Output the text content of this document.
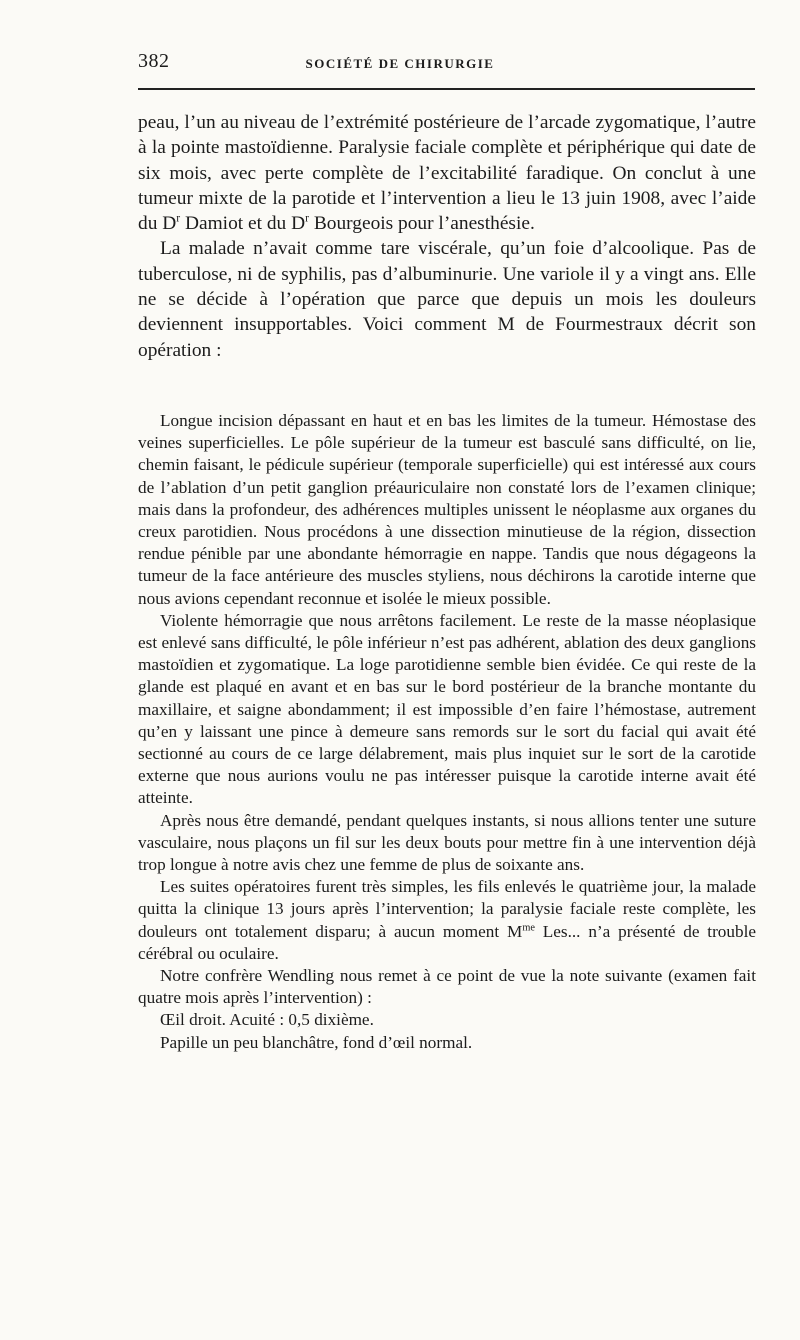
382	SOCIÉTÉ DE CHIRURGIE

peau, l’un au niveau de l’extrémité postérieure de l’arcade zygomatique, l’autre à la pointe mastoïdienne. Paralysie faciale complète et périphérique qui date de six mois, avec perte complète de l’excitabilité faradique. On conclut à une tumeur mixte de la parotide et l’intervention a lieu le 13 juin 1908, avec l’aide du $D^r$ Damiot et du $D^r$ Bourgeois pour l’anesthésie.

La malade n’avait comme tare viscérale, qu’un foie d’alcoolique. Pas de tuberculose, ni de syphilis, pas d’albuminurie. Une variole il y a vingt ans. Elle ne se décide à l’opération que parce que depuis un mois les douleurs deviennent insupportables. Voici comment M de Fourmestraux décrit son opération :

Longue incision dépassant en haut et en bas les limites de la tumeur. Hémostase des veines superficielles. Le pôle supérieur de la tumeur est basculé sans difficulté, on lie, chemin faisant, le pédicule supérieur (temporale superficielle) qui est intéressé aux cours de l’ablation d’un petit ganglion préauriculaire non constaté lors de l’examen clinique; mais dans la profondeur, des adhérences multiples unissent le néoplasme aux organes du creux parotidien. Nous procédons à une dissection minutieuse de la région, dissection rendue pénible par une abondante hémorragie en nappe. Tandis que nous dégageons la tumeur de la face antérieure des muscles styliens, nous déchirons la carotide interne que nous avions cependant reconnue et isolée le mieux possible.

Violente hémorragie que nous arrêtons facilement. Le reste de la masse néoplasique est enlevé sans difficulté, le pôle inférieur n’est pas adhérent, ablation des deux ganglions mastoïdien et zygomatique. La loge parotidienne semble bien évidée. Ce qui reste de la glande est plaqué en avant et en bas sur le bord postérieur de la branche montante du maxillaire, et saigne abondamment; il est impossible d’en faire l’hémostase, autrement qu’en y laissant une pince à demeure sans remords sur le sort du facial qui avait été sectionné au cours de ce large délabrement, mais plus inquiet sur le sort de la carotide externe que nous aurions voulu ne pas intéresser puisque la carotide interne avait été atteinte.

Après nous être demandé, pendant quelques instants, si nous allions tenter une suture vasculaire, nous plaçons un fil sur les deux bouts pour mettre fin à une intervention déjà trop longue à notre avis chez une femme de plus de soixante ans.

Les suites opératoires furent très simples, les fils enlevés le quatrième jour, la malade quitta la clinique 13 jours après l’intervention; la paralysie faciale reste complète, les douleurs ont totalement disparu; à aucun moment $M^{me}$ Les... n’a présenté de trouble cérébral ou oculaire.

Notre confrère Wendling nous remet à ce point de vue la note suivante (examen fait quatre mois après l’intervention) :

Œil droit. Acuité : 0,5 dixième.

Papille un peu blanchâtre, fond d’œil normal.
